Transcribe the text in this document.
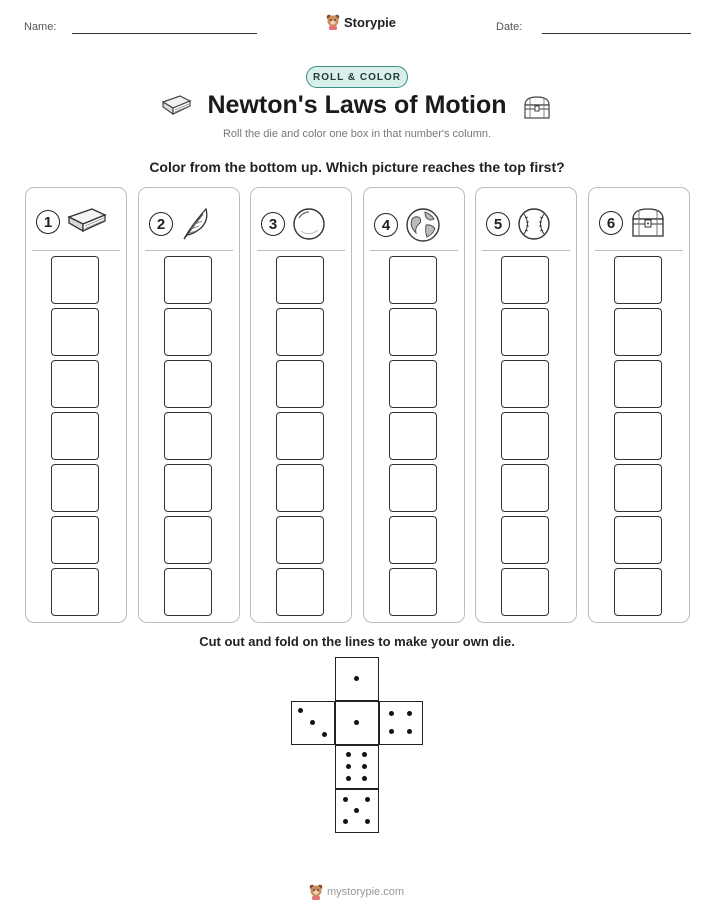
Name:	Storypie	Date:
ROLL & COLOR
Newton's Laws of Motion
Roll the die and color one box in that number's column.
Color from the bottom up. Which picture reaches the top first?
1	2	3	4	5	6
Cut out and fold on the lines to make your own die.
mystorypie.com
